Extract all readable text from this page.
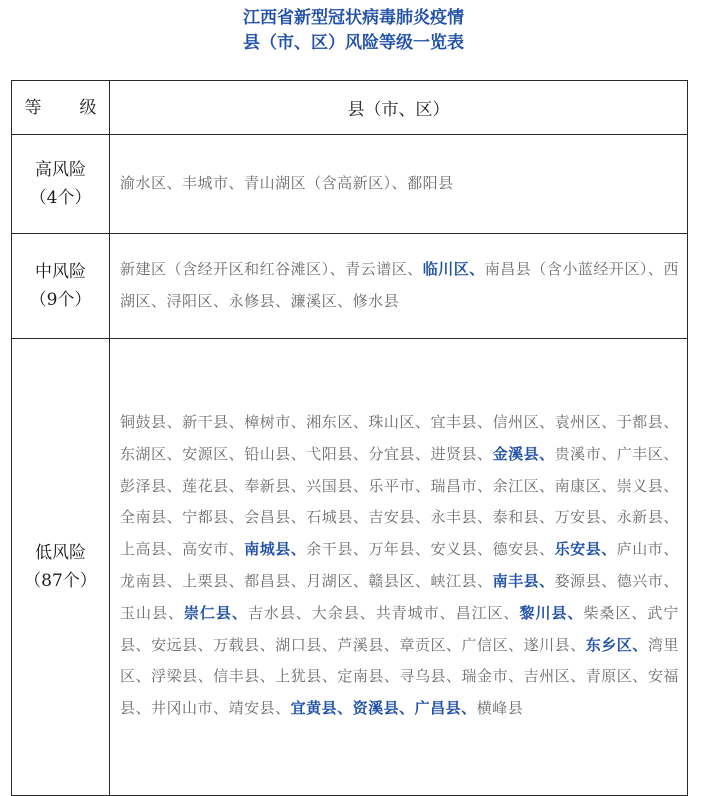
江西省新型冠状病毒肺炎疫情
县（市、区）风险等级一览表
等 级	县（市、区）

高风险
（4个）	渝水区、丰城市、青山湖区（含高新区）、鄱阳县

中风险
（9个）	新建区（含经开区和红谷滩区）、青云谱区、临川区、南昌县（含小蓝经开区）、西湖区、浔阳区、永修县、濂溪区、修水县

低风险
（87个）	铜鼓县、新干县、樟树市、湘东区、珠山区、宜丰县、信州区、袁州区、于都县、东湖区、安源区、铅山县、弋阳县、分宜县、进贤县、金溪县、贵溪市、广丰区、彭泽县、莲花县、奉新县、兴国县、乐平市、瑞昌市、余江区、南康区、崇义县、全南县、宁都县、会昌县、石城县、吉安县、永丰县、泰和县、万安县、永新县、上高县、高安市、南城县、余干县、万年县、安义县、德安县、乐安县、庐山市、龙南县、上栗县、都昌县、月湖区、赣县区、峡江县、南丰县、婺源县、德兴市、玉山县、崇仁县、吉水县、大余县、共青城市、昌江区、黎川县、柴桑区、武宁县、安远县、万载县、湖口县、芦溪县、章贡区、广信区、遂川县、东乡区、湾里区、浮梁县、信丰县、上犹县、定南县、寻乌县、瑞金市、吉州区、青原区、安福县、井冈山市、靖安县、宜黄县、资溪县、广昌县、横峰县
